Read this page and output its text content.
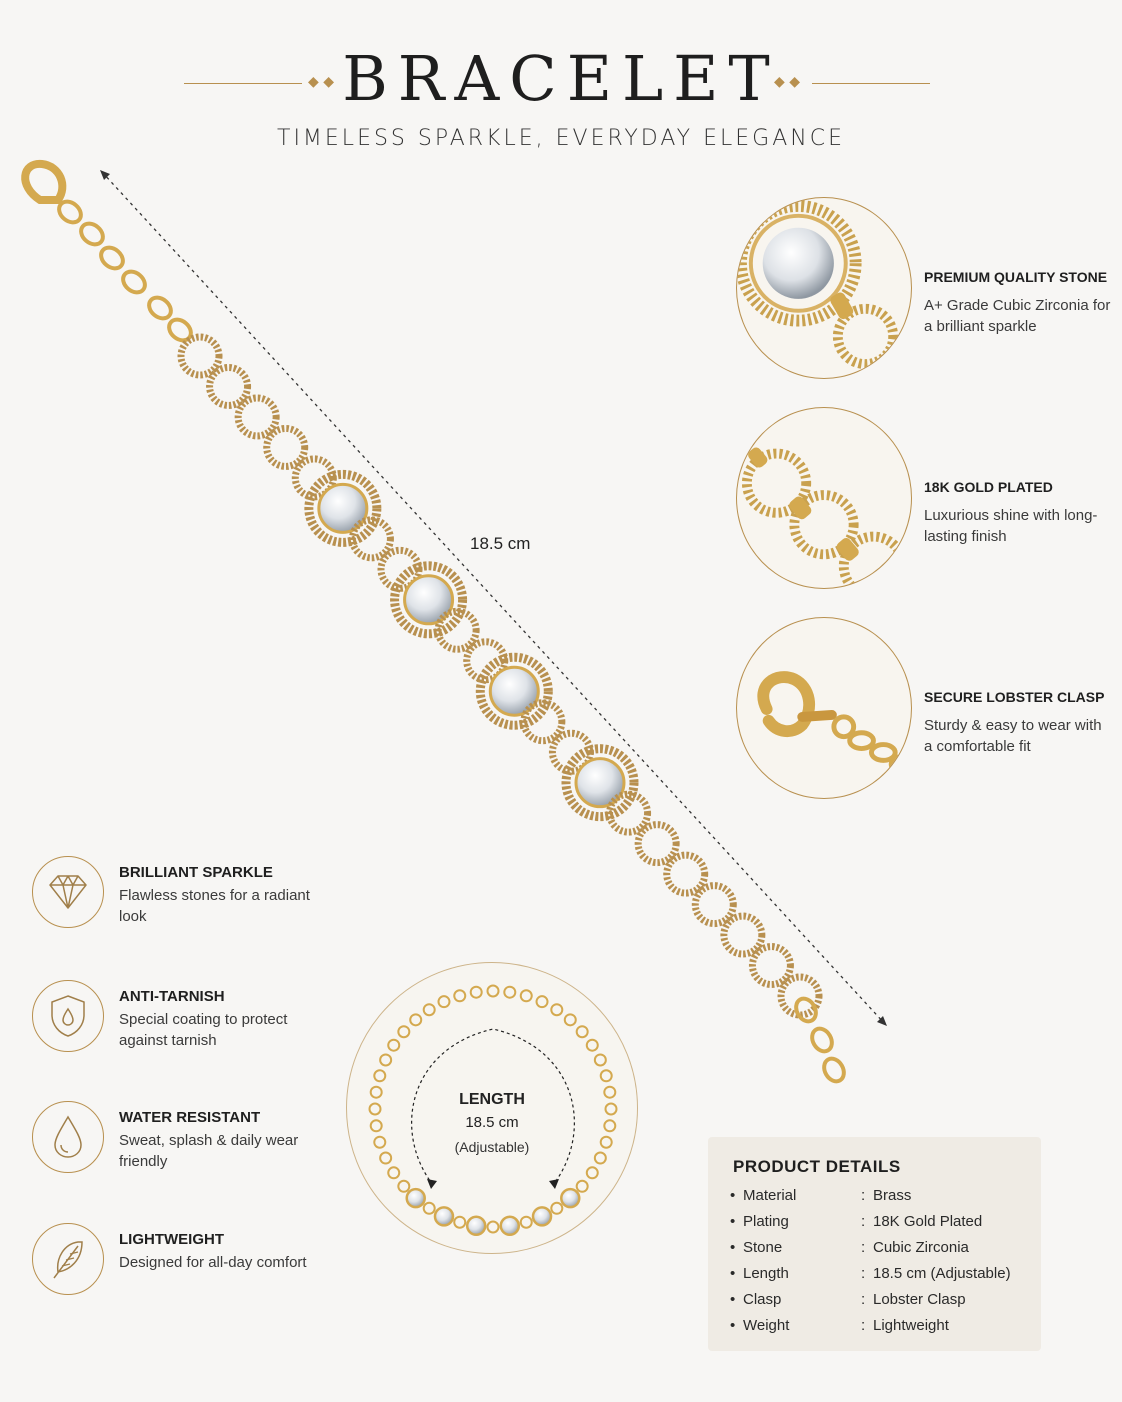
◆ ◆ BRACELET
◆ ◆
TIMELESS SPARKLE, EVERYDAY ELEGANCE
18.5 cm
PREMIUM QUALITY STONE
A+ Grade Cubic Zirconia for a brilliant sparkle
18K GOLD PLATED
Luxurious shine with long-lasting finish
SECURE LOBSTER CLASP
Sturdy & easy to wear with a comfortable fit
BRILLIANT SPARKLE
Flawless stones for a radiant look
ANTI-TARNISH
Special coating to protect against tarnish
WATER RESISTANT
Sweat, splash & daily wear friendly
LIGHTWEIGHT
Designed for all-day comfort
LENGTH
18.5 cm
(Adjustable)
PRODUCT DETAILS
• Material	: Brass
• Plating	: 18K Gold Plated
• Stone	: Cubic Zirconia
• Length	: 18.5 cm (Adjustable)
• Clasp	: Lobster Clasp
• Weight	: Lightweight
